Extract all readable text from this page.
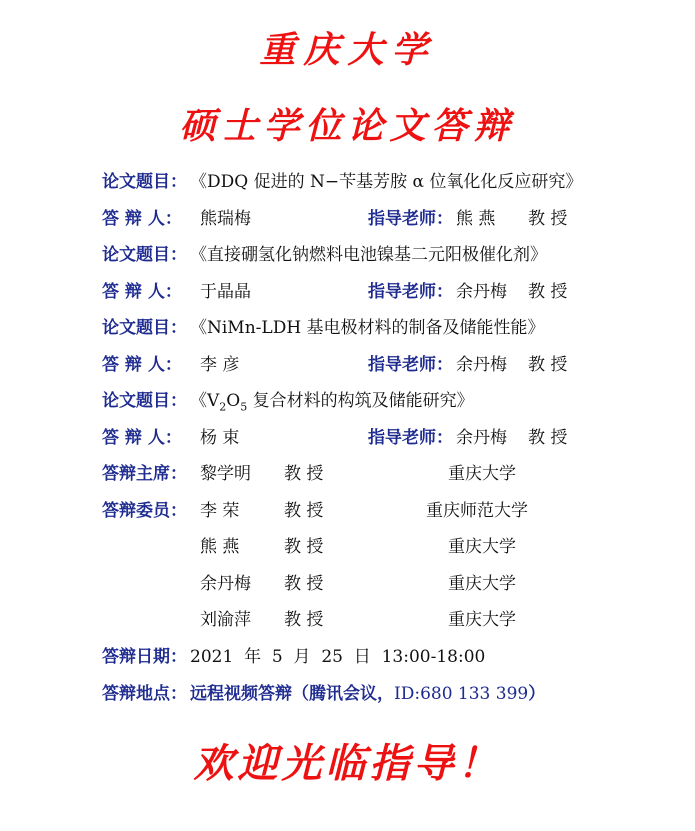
重庆大学
硕士学位论文答辩
论文题目： 《DDQ 促进的 N−苄基芳胺 α 位氧化化反应研究》
答 辩 人： 熊瑞梅	指导老师： 熊 燕 教 授
论文题目： 《直接硼氢化钠燃料电池镍基二元阳极催化剂》
答 辩 人： 于晶晶	指导老师： 余丹梅 教 授
论文题目： 《NiMn-LDH 基电极材料的制备及储能性能》
答 辩 人： 李 彦	指导老师： 余丹梅 教 授
论文题目： 《$V_2O_5$ 复合材料的构筑及储能研究》
答 辩 人： 杨 束	指导老师： 余丹梅 教 授
答辩主席： 黎学明 教 授	重庆大学
答辩委员： 李 荣	教 授	重庆师范大学
熊 燕	教 授	重庆大学
余丹梅 教 授	重庆大学
刘渝萍 教 授	重庆大学
答辩日期： 2021 年 5 月 25 日 13:00-18:00
答辩地点： 远程视频答辩（腾讯会议，ID:680 133 399）
欢迎光临指导！
